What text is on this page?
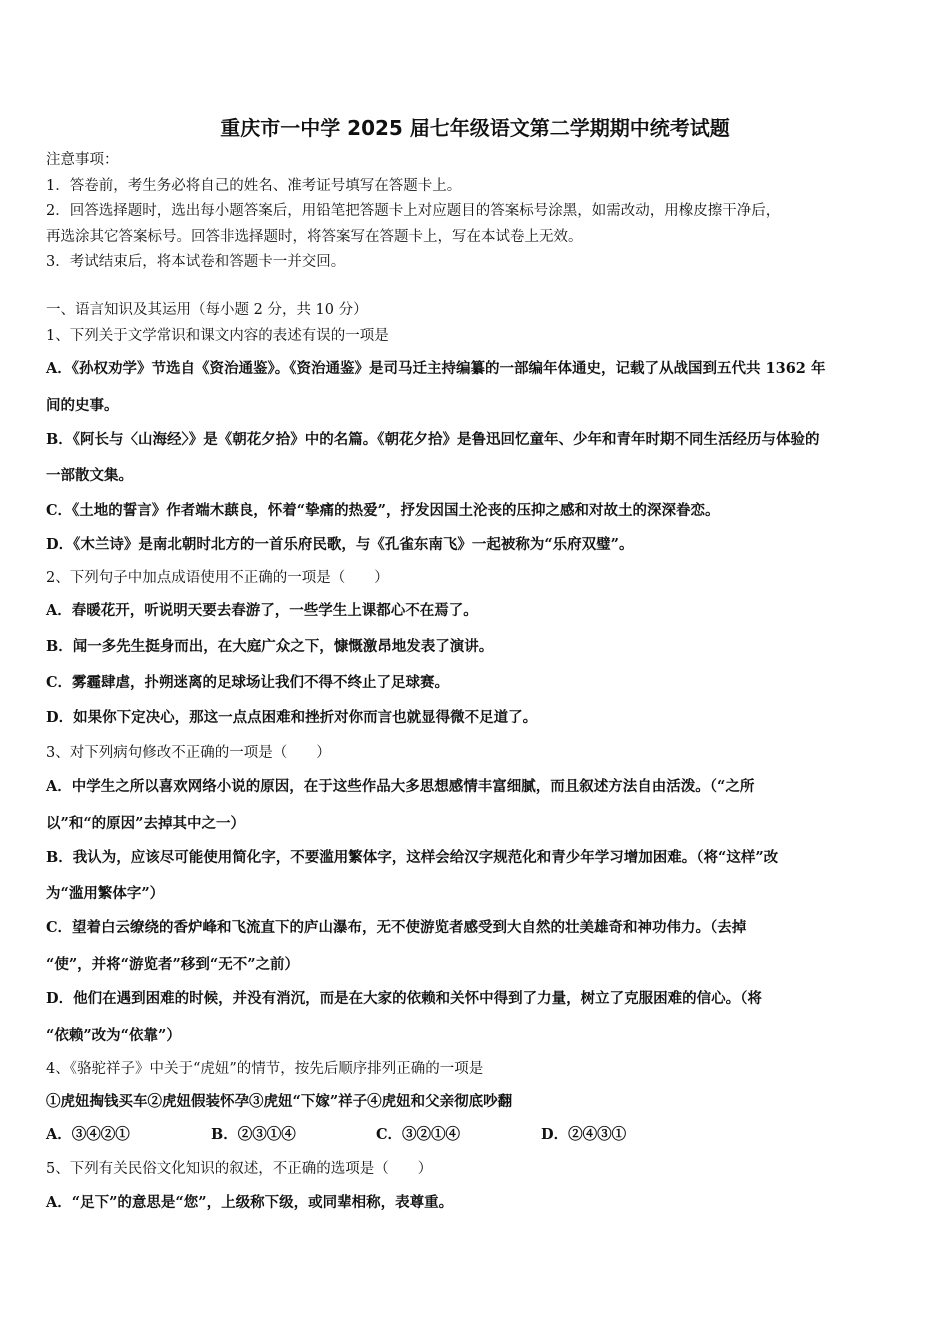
重庆市一中学 2025 届七年级语文第二学期期中统考试题
注意事项：
1．答卷前，考生务必将自己的姓名、准考证号填写在答题卡上。
2．回答选择题时，选出每小题答案后，用铅笔把答题卡上对应题目的答案标号涂黑，如需改动，用橡皮擦干净后，
再选涂其它答案标号。回答非选择题时，将答案写在答题卡上，写在本试卷上无效。
3．考试结束后，将本试卷和答题卡一并交回。
一、语言知识及其运用（每小题 2 分，共 10 分）
1、下列关于文学常识和课文内容的表述有误的一项是
A．《孙权劝学》节选自《资治通鉴》。《资治通鉴》是司马迁主持编纂的一部编年体通史，记载了从战国到五代共 1362 年
间的史事。
B．《阿长与〈山海经〉》是《朝花夕拾》中的名篇。《朝花夕拾》是鲁迅回忆童年、少年和青年时期不同生活经历与体验的
一部散文集。
C．《土地的誓言》作者端木蕻良，怀着“挚痛的热爱”，抒发因国土沦丧的压抑之感和对故土的深深眷恋。
D．《木兰诗》是南北朝时北方的一首乐府民歌，与《孔雀东南飞》一起被称为“乐府双璧”。
2、下列句子中加点成语使用不正确的一项是（　　）
A．春暖花开，听说明天要去春游了，一些学生上课都心不在焉了。
B．闻一多先生挺身而出，在大庭广众之下，慷慨激昂地发表了演讲。
C．雾霾肆虐，扑朔迷离的足球场让我们不得不终止了足球赛。
D．如果你下定决心，那这一点点困难和挫折对你而言也就显得微不足道了。
3、对下列病句修改不正确的一项是（　　）
A．中学生之所以喜欢网络小说的原因，在于这些作品大多思想感情丰富细腻，而且叙述方法自由活泼。（“之所
以”和“的原因”去掉其中之一）
B．我认为，应该尽可能使用简化字，不要滥用繁体字，这样会给汉字规范化和青少年学习增加困难。（将“这样”改
为“滥用繁体字”）
C．望着白云缭绕的香炉峰和飞流直下的庐山瀑布，无不使游览者感受到大自然的壮美雄奇和神功伟力。（去掉
“使”，并将“游览者”移到“无不”之前）
D．他们在遇到困难的时候，并没有消沉，而是在大家的依赖和关怀中得到了力量，树立了克服困难的信心。（将
“依赖”改为“依靠”）
4、《骆驼祥子》中关于“虎妞”的情节，按先后顺序排列正确的一项是
①虎妞掏钱买车②虎妞假装怀孕③虎妞“下嫁”祥子④虎妞和父亲彻底吵翻
A．③④②①	B．②③①④	C．③②①④	D．②④③①
5、下列有关民俗文化知识的叙述，不正确的选项是（　　）
A．“足下”的意思是“您”，上级称下级，或同辈相称，表尊重。
